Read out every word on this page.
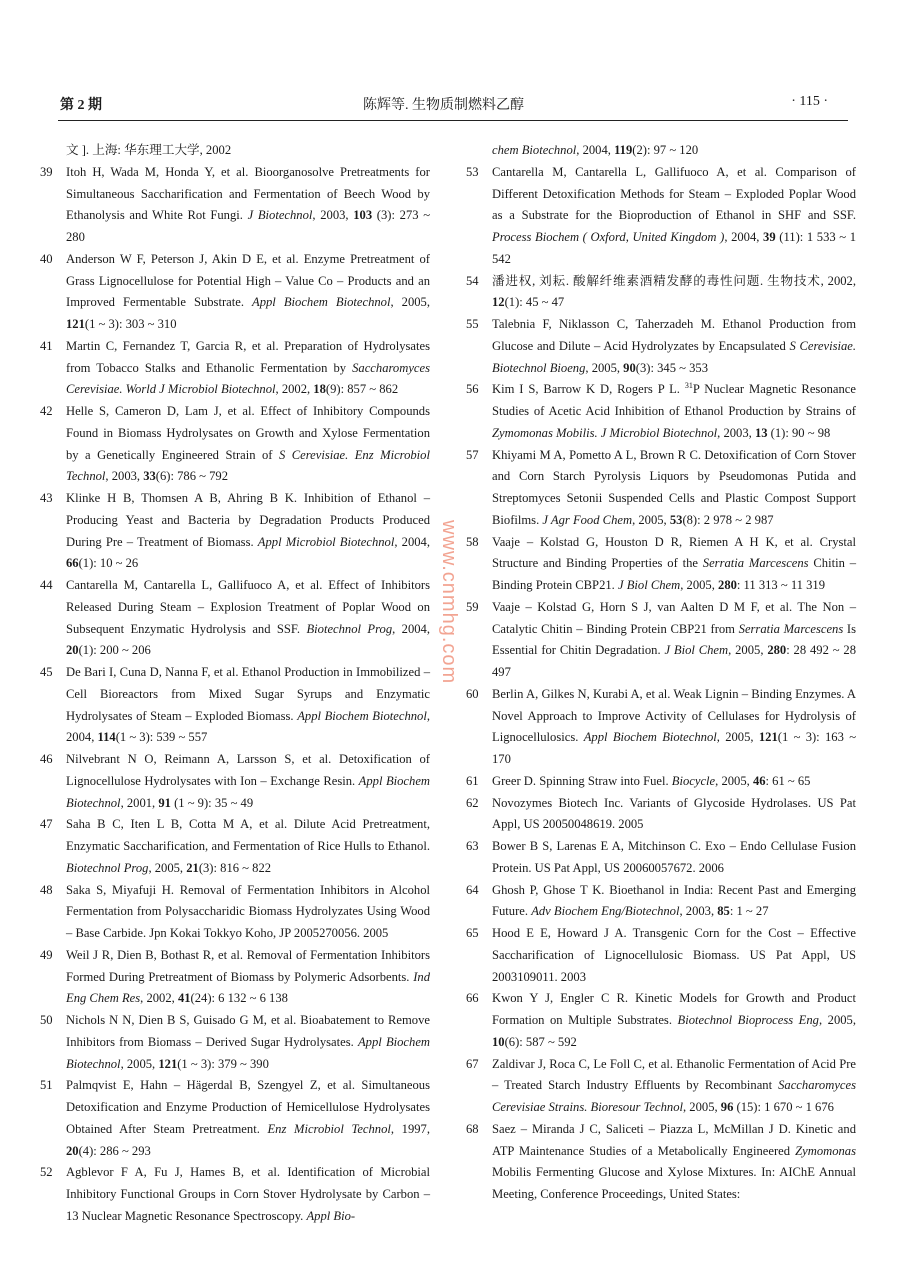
第 2 期	陈辉等. 生物质制燃料乙醇	· 115 ·
文 ]. 上海: 华东理工大学, 2002
39 Itoh H, Wada M, Honda Y, et al. Bioorganosolve Pretreatments for Simultaneous Saccharification and Fermentation of Beech Wood by Ethanolysis and White Rot Fungi. J Biotechnol, 2003, 103 (3): 273 ~ 280
40 Anderson W F, Peterson J, Akin D E, et al. Enzyme Pretreatment of Grass Lignocellulose for Potential High – Value Co – Products and an Improved Fermentable Substrate. Appl Biochem Biotechnol, 2005, 121(1 ~ 3): 303 ~ 310
41 Martin C, Fernandez T, Garcia R, et al. Preparation of Hydrolysates from Tobacco Stalks and Ethanolic Fermentation by Saccharomyces Cerevisiae. World J Microbiol Biotechnol, 2002, 18(9): 857 ~ 862
42 Helle S, Cameron D, Lam J, et al. Effect of Inhibitory Compounds Found in Biomass Hydrolysates on Growth and Xylose Fermentation by a Genetically Engineered Strain of S Cerevisiae. Enz Microbiol Technol, 2003, 33(6): 786 ~ 792
43 Klinke H B, Thomsen A B, Ahring B K. Inhibition of Ethanol – Producing Yeast and Bacteria by Degradation Products Produced During Pre – Treatment of Biomass. Appl Microbiol Biotechnol, 2004, 66(1): 10 ~ 26
44 Cantarella M, Cantarella L, Gallifuoco A, et al. Effect of Inhibitors Released During Steam – Explosion Treatment of Poplar Wood on Subsequent Enzymatic Hydrolysis and SSF. Biotechnol Prog, 2004, 20(1): 200 ~ 206
45 De Bari I, Cuna D, Nanna F, et al. Ethanol Production in Immobilized – Cell Bioreactors from Mixed Sugar Syrups and Enzymatic Hydrolysates of Steam – Exploded Biomass. Appl Biochem Biotechnol, 2004, 114(1 ~ 3): 539 ~ 557
46 Nilvebrant N O, Reimann A, Larsson S, et al. Detoxification of Lignocellulose Hydrolysates with Ion – Exchange Resin. Appl Biochem Biotechnol, 2001, 91 (1 ~ 9): 35 ~ 49
47 Saha B C, Iten L B, Cotta M A, et al. Dilute Acid Pretreatment, Enzymatic Saccharification, and Fermentation of Rice Hulls to Ethanol. Biotechnol Prog, 2005, 21(3): 816 ~ 822
48 Saka S, Miyafuji H. Removal of Fermentation Inhibitors in Alcohol Fermentation from Polysaccharidic Biomass Hydrolyzates Using Wood – Base Carbide. Jpn Kokai Tokkyo Koho, JP 2005270056. 2005
49 Weil J R, Dien B, Bothast R, et al. Removal of Fermentation Inhibitors Formed During Pretreatment of Biomass by Polymeric Adsorbents. Ind Eng Chem Res, 2002, 41(24): 6 132 ~ 6 138
50 Nichols N N, Dien B S, Guisado G M, et al. Bioabatement to Remove Inhibitors from Biomass – Derived Sugar Hydrolysates. Appl Biochem Biotechnol, 2005, 121(1 ~ 3): 379 ~ 390
51 Palmqvist E, Hahn – Hägerdal B, Szengyel Z, et al. Simultaneous Detoxification and Enzyme Production of Hemicellulose Hydrolysates Obtained After Steam Pretreatment. Enz Microbiol Technol, 1997, 20(4): 286 ~ 293
52 Agblevor F A, Fu J, Hames B, et al. Identification of Microbial Inhibitory Functional Groups in Corn Stover Hydrolysate by Carbon – 13 Nuclear Magnetic Resonance Spectroscopy. Appl Bio-
chem Biotechnol, 2004, 119(2): 97 ~ 120
53 Cantarella M, Cantarella L, Gallifuoco A, et al. Comparison of Different Detoxification Methods for Steam – Exploded Poplar Wood as a Substrate for the Bioproduction of Ethanol in SHF and SSF. Process Biochem ( Oxford, United Kingdom ), 2004, 39 (11): 1 533 ~ 1 542
54 潘进权, 刘耘. 酸解纤维素酒精发酵的毒性问题. 生物技术, 2002, 12(1): 45 ~ 47
55 Talebnia F, Niklasson C, Taherzadeh M. Ethanol Production from Glucose and Dilute – Acid Hydrolyzates by Encapsulated S Cerevisiae. Biotechnol Bioeng, 2005, 90(3): 345 ~ 353
56 Kim I S, Barrow K D, Rogers P L. $^{31}$P Nuclear Magnetic Resonance Studies of Acetic Acid Inhibition of Ethanol Production by Strains of Zymomonas Mobilis. J Microbiol Biotechnol, 2003, 13 (1): 90 ~ 98
57 Khiyami M A, Pometto A L, Brown R C. Detoxification of Corn Stover and Corn Starch Pyrolysis Liquors by Pseudomonas Putida and Streptomyces Setonii Suspended Cells and Plastic Compost Support Biofilms. J Agr Food Chem, 2005, 53(8): 2 978 ~ 2 987
58 Vaaje – Kolstad G, Houston D R, Riemen A H K, et al. Crystal Structure and Binding Properties of the Serratia Marcescens Chitin – Binding Protein CBP21. J Biol Chem, 2005, 280: 11 313 ~ 11 319
59 Vaaje – Kolstad G, Horn S J, van Aalten D M F, et al. The Non – Catalytic Chitin – Binding Protein CBP21 from Serratia Marcescens Is Essential for Chitin Degradation. J Biol Chem, 2005, 280: 28 492 ~ 28 497
60 Berlin A, Gilkes N, Kurabi A, et al. Weak Lignin – Binding Enzymes. A Novel Approach to Improve Activity of Cellulases for Hydrolysis of Lignocellulosics. Appl Biochem Biotechnol, 2005, 121(1 ~ 3): 163 ~ 170
61 Greer D. Spinning Straw into Fuel. Biocycle, 2005, 46: 61 ~ 65
62 Novozymes Biotech Inc. Variants of Glycoside Hydrolases. US Pat Appl, US 20050048619. 2005
63 Bower B S, Larenas E A, Mitchinson C. Exo – Endo Cellulase Fusion Protein. US Pat Appl, US 20060057672. 2006
64 Ghosh P, Ghose T K. Bioethanol in India: Recent Past and Emerging Future. Adv Biochem Eng/Biotechnol, 2003, 85: 1 ~ 27
65 Hood E E, Howard J A. Transgenic Corn for the Cost – Effective Saccharification of Lignocellulosic Biomass. US Pat Appl, US 2003109011. 2003
66 Kwon Y J, Engler C R. Kinetic Models for Growth and Product Formation on Multiple Substrates. Biotechnol Bioprocess Eng, 2005, 10(6): 587 ~ 592
67 Zaldivar J, Roca C, Le Foll C, et al. Ethanolic Fermentation of Acid Pre – Treated Starch Industry Effluents by Recombinant Saccharomyces Cerevisiae Strains. Bioresour Technol, 2005, 96 (15): 1 670 ~ 1 676
68 Saez – Miranda J C, Saliceti – Piazza L, McMillan J D. Kinetic and ATP Maintenance Studies of a Metabolically Engineered Zymomonas Mobilis Fermenting Glucose and Xylose Mixtures. In: AIChE Annual Meeting, Conference Proceedings, United States:
www.cnmhg.com
